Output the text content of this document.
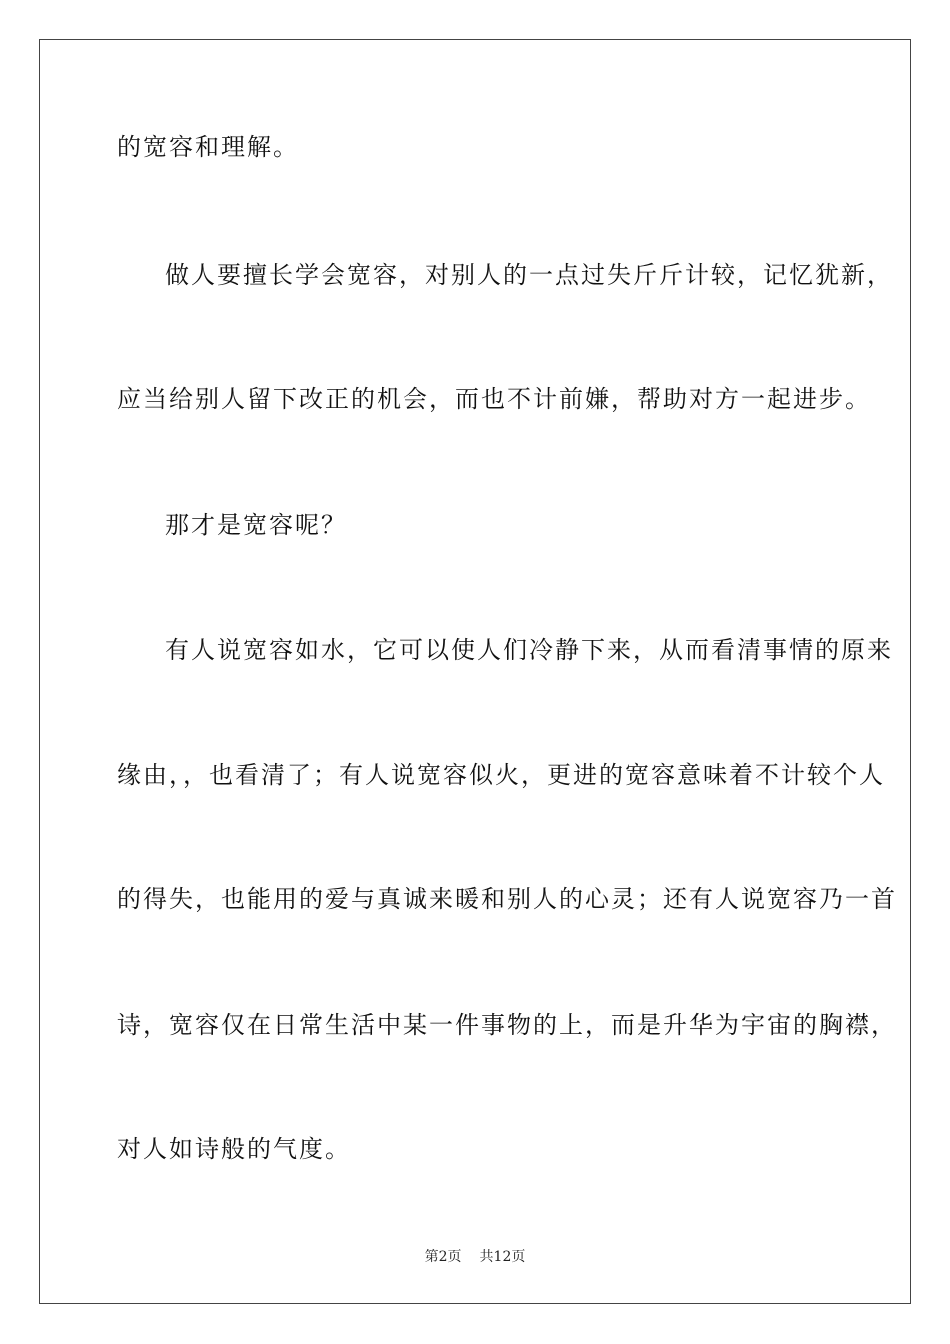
的宽容和理解。
做人要擅长学会宽容，对别人的一点过失斤斤计较，记忆犹新，
应当给别人留下改正的机会，而也不计前嫌，帮助对方一起进步。
那才是宽容呢？
有人说宽容如水，它可以使人们冷静下来，从而看清事情的原来
缘由，，也看清了；有人说宽容似火，更进的宽容意味着不计较个人
的得失，也能用的爱与真诚来暖和别人的心灵；还有人说宽容乃一首
诗，宽容仅在日常生活中某一件事物的上，而是升华为宇宙的胸襟，
对人如诗般的气度。
第2页 共12页
